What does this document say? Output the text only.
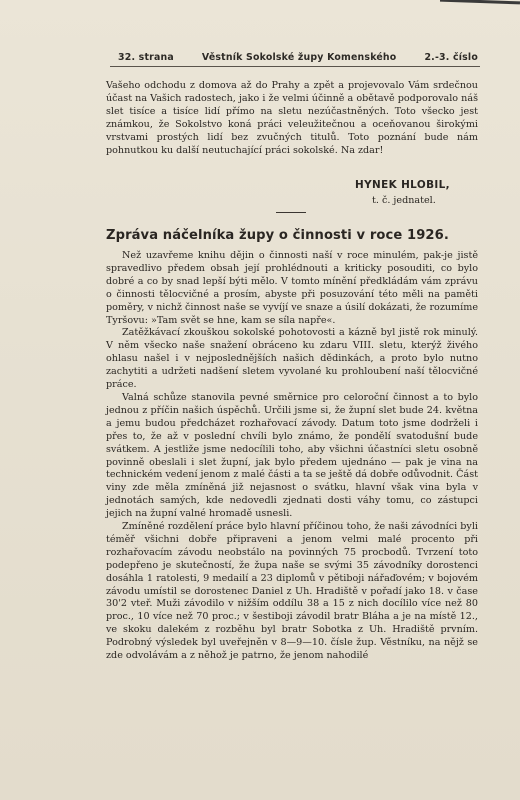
32. strana	Věstník Sokolské župy Komenského	2.-3. číslo

Vašeho odchodu z domova až do Prahy a zpět a projevovalo Vám srdečnou účast na Vašich radostech, jako i že velmi účinně a obětavě podporovalo náš slet tisíce a tisíce lidí přímo na sletu nezúčastněných. Toto všecko jest známkou, že Sokolstvo koná práci veleužitečnou a oceňovanou širokými vrstvami prostých lidí bez zvučných titulů. Toto poznání bude nám pohnutkou ku další neutuchající práci sokolské. Na zdar!

HYNEK HLOBIL,
t. č. jednatel.
Zpráva náčelníka župy o činnosti v roce 1926.

Než uzavřeme knihu dějin o činnosti naší v roce minulém, pak-je jistě spravedlivo předem obsah její prohlédnouti a kriticky posouditi, co bylo dobré a co by snad lepší býti mělo. V tomto mínění předkládám vám zprávu o činnosti tělocvičné a prosím, abyste při posuzování této měli na paměti poměry, v nichž činnost naše se vyvíjí ve snaze a úsilí dokázati, že rozumíme Tyršovu: »Tam svět se hne, kam se síla napře«.

Zatěžkávací zkouškou sokolské pohotovosti a kázně byl jistě rok minulý. V něm všecko naše snažení obráceno ku zdaru VIII. sletu, kterýž živého ohlasu našel i v nejposlednějších našich dědinkách, a proto bylo nutno zachytiti a udržeti nadšení sletem vyvolané ku prohloubení naší tělocvičné práce.

Valná schůze stanovila pevné směrnice pro celoroční činnost a to bylo jednou z příčin našich úspěchů. Určili jsme si, že župní slet bude 24. května a jemu budou předcházet rozhařovací závody. Datum toto jsme dodrželi i přes to, že až v poslední chvíli bylo známo, že pondělí svatodušní bude svátkem. A jestliže jsme nedocílili toho, aby všichni účastníci sletu osobně povinně obeslali i slet župní, jak bylo předem ujednáno — pak je vina na technickém vedení jenom z malé části a ta se ještě dá dobře odůvodnit. Část viny zde měla zmíněná již nejasnost o svátku, hlavní však vina byla v jednotách samých, kde nedovedli zjednati dosti váhy tomu, co zástupci jejich na župní valné hromadě usnesli.

Zmíněné rozdělení práce bylo hlavní příčinou toho, že naši závodníci byli téměř všichni dobře připraveni a jenom velmi malé procento při rozhařovacím závodu neobstálo na povinných 75 procbodů. Tvrzení toto podepřeno je skutečností, že župa naše se svými 35 závodníky dorostenci dosáhla 1 ratolesti, 9 medailí a 23 diplomů v pětiboji nářaďovém; v bojovém závodu umístil se dorostenec Daniel z Uh. Hradiště v pořadí jako 18. v čase 30'2 vteř. Muži závodilo v nižším oddílu 38 a 15 z nich docílilo více než 80 proc., 10 více než 70 proc.; v šestiboji závodil bratr Bláha a je na místě 12., ve skoku dalekém z rozběhu byl bratr Sobotka z Uh. Hradiště prvním. Podrobný výsledek byl uveřejněn v 8—9—10. čísle žup. Věstníku, na nějž se zde odvolávám a z něhož je patrno, že jenom nahodilé
